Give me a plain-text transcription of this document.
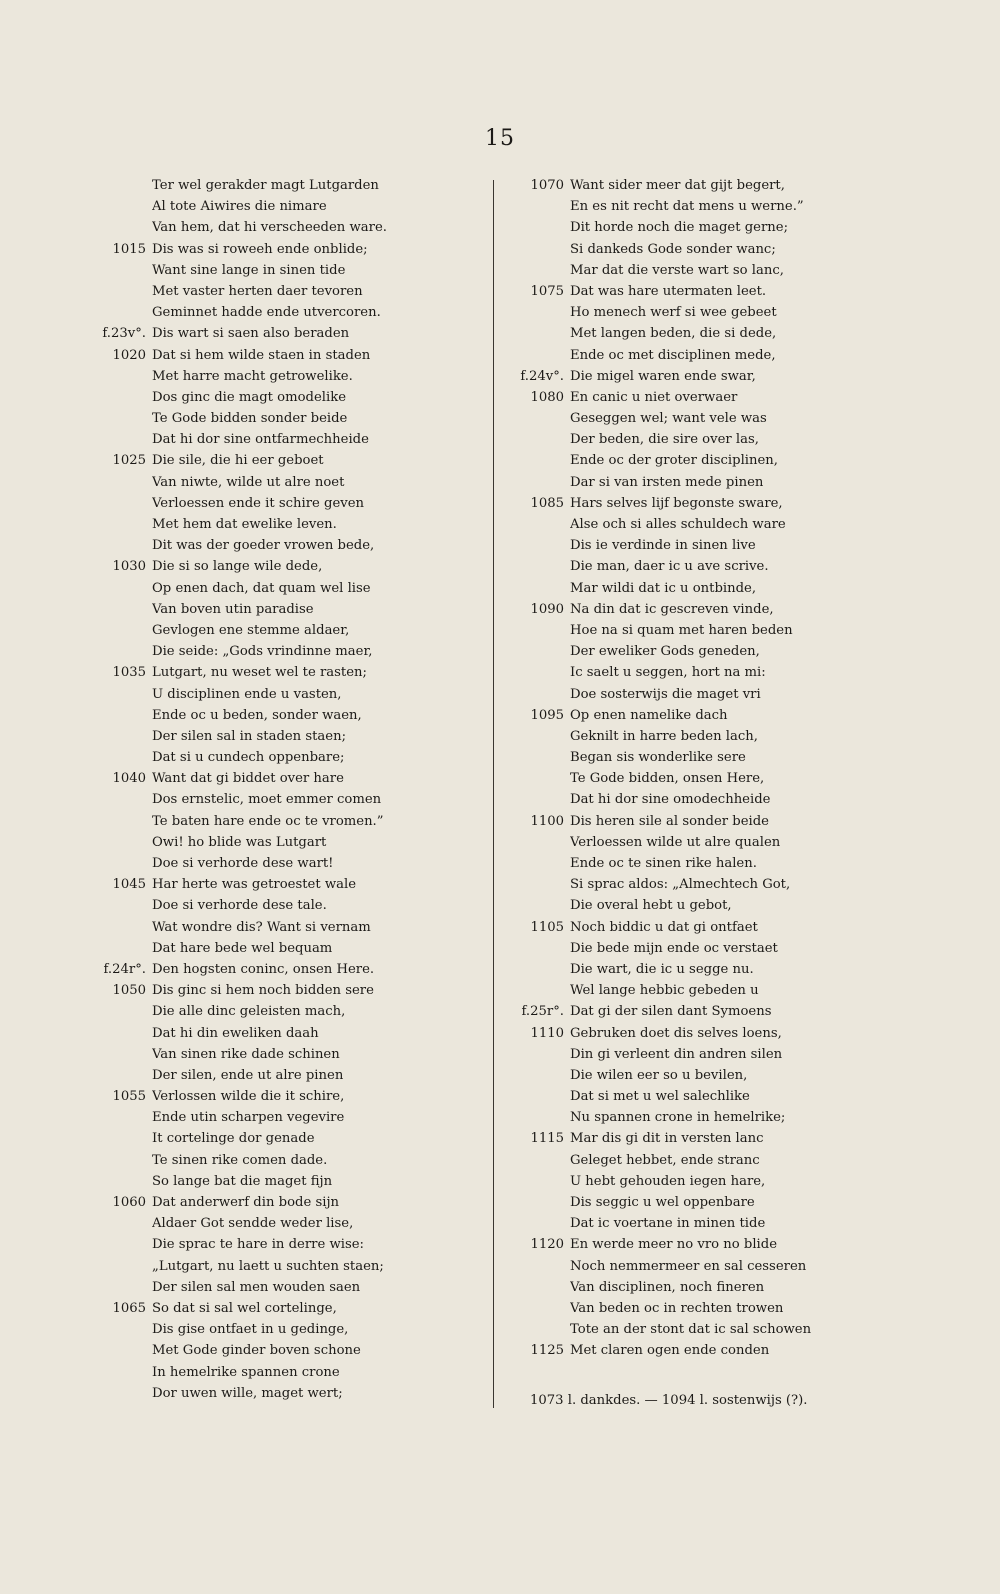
15
Ter wel gerakder magt Lutgarden
Al tote Aiwires die nimare
Van hem, dat hi verscheeden ware.
1015 Dis was si roweeh ende onblide;
Want sine lange in sinen tide
Met vaster herten daer tevoren
Geminnet hadde ende utvercoren.
f.23v°. Dis wart si saen also beraden
1020 Dat si hem wilde staen in staden
Met harre macht getrowelike.
Dos ginc die magt omodelike
Te Gode bidden sonder beide
Dat hi dor sine ontfarmechheide
1025 Die sile, die hi eer geboet
Van niwte, wilde ut alre noet
Verloessen ende it schire geven
Met hem dat ewelike leven.
Dit was der goeder vrowen bede,
1030 Die si so lange wile dede,
Op enen dach, dat quam wel lise
Van boven utin paradise
Gevlogen ene stemme aldaer,
Die seide: „Gods vrindinne maer,
1035 Lutgart, nu weset wel te rasten;
U disciplinen ende u vasten,
Ende oc u beden, sonder waen,
Der silen sal in staden staen;
Dat si u cundech oppenbare;
1040 Want dat gi biddet over hare
Dos ernstelic, moet emmer comen
Te baten hare ende oc te vromen.”
Owi! ho blide was Lutgart
Doe si verhorde dese wart!
1045 Har herte was getroestet wale
Doe si verhorde dese tale.
Wat wondre dis? Want si vernam
Dat hare bede wel bequam
f.24r°. Den hogsten coninc, onsen Here.
1050 Dis ginc si hem noch bidden sere
Die alle dinc geleisten mach,
Dat hi din eweliken daah
Van sinen rike dade schinen
Der silen, ende ut alre pinen
1055 Verlossen wilde die it schire,
Ende utin scharpen vegevire
It cortelinge dor genade
Te sinen rike comen dade.
So lange bat die maget fijn
1060 Dat anderwerf din bode sijn
Aldaer Got sendde weder lise,
Die sprac te hare in derre wise:
„Lutgart, nu laett u suchten staen;
Der silen sal men wouden saen
1065 So dat si sal wel cortelinge,
Dis gise ontfaet in u gedinge,
Met Gode ginder boven schone
In hemelrike spannen crone
Dor uwen wille, maget wert;
1070 Want sider meer dat gijt begert,
En es nit recht dat mens u werne.”
Dit horde noch die maget gerne;
Si dankeds Gode sonder wanc;
Mar dat die verste wart so lanc,
1075 Dat was hare utermaten leet.
Ho menech werf si wee gebeet
Met langen beden, die si dede,
Ende oc met disciplinen mede,
f.24v°. Die migel waren ende swar,
1080 En canic u niet overwaer
Geseggen wel; want vele was
Der beden, die sire over las,
Ende oc der groter disciplinen,
Dar si van irsten mede pinen
1085 Hars selves lijf begonste sware,
Alse och si alles schuldech ware
Dis ie verdinde in sinen live
Die man, daer ic u ave scrive.
Mar wildi dat ic u ontbinde,
1090 Na din dat ic gescreven vinde,
Hoe na si quam met haren beden
Der eweliker Gods geneden,
Ic saelt u seggen, hort na mi:
Doe sosterwijs die maget vri
1095 Op enen namelike dach
Geknilt in harre beden lach,
Began sis wonderlike sere
Te Gode bidden, onsen Here,
Dat hi dor sine omodechheide
1100 Dis heren sile al sonder beide
Verloessen wilde ut alre qualen
Ende oc te sinen rike halen.
Si sprac aldos: „Almechtech Got,
Die overal hebt u gebot,
1105 Noch biddic u dat gi ontfaet
Die bede mijn ende oc verstaet
Die wart, die ic u segge nu.
Wel lange hebbic gebeden u
f.25r°. Dat gi der silen dant Symoens
1110 Gebruken doet dis selves loens,
Din gi verleent din andren silen
Die wilen eer so u bevilen,
Dat si met u wel salechlike
Nu spannen crone in hemelrike;
1115 Mar dis gi dit in versten lanc
Geleget hebbet, ende stranc
U hebt gehouden iegen hare,
Dis seggic u wel oppenbare
Dat ic voertane in minen tide
1120 En werde meer no vro no blide
Noch nemmermeer en sal cesseren
Van disciplinen, noch fineren
Van beden oc in rechten trowen
Tote an der stont dat ic sal schowen
1125 Met claren ogen ende conden
1073 l. dankdes. — 1094 l. sostenwijs (?).
